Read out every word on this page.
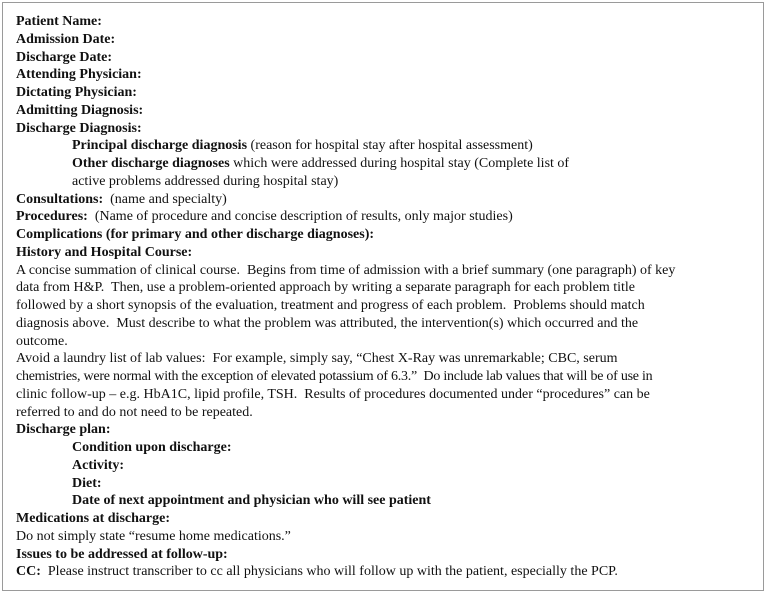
Patient Name:
Admission Date:
Discharge Date:
Attending Physician:
Dictating Physician:
Admitting Diagnosis:
Discharge Diagnosis:
Principal discharge diagnosis (reason for hospital stay after hospital assessment)
Other discharge diagnoses which were addressed during hospital stay (Complete list of
active problems addressed during hospital stay)
Consultations:  (name and specialty)
Procedures:  (Name of procedure and concise description of results, only major studies)
Complications (for primary and other discharge diagnoses):
History and Hospital Course:
A concise summation of clinical course.  Begins from time of admission with a brief summary (one paragraph) of key
data from H&P.  Then, use a problem-oriented approach by writing a separate paragraph for each problem title
followed by a short synopsis of the evaluation, treatment and progress of each problem.  Problems should match
diagnosis above.  Must describe to what the problem was attributed, the intervention(s) which occurred and the
outcome.
Avoid a laundry list of lab values:  For example, simply say, “Chest X-Ray was unremarkable; CBC, serum
chemistries, were normal with the exception of elevated potassium of 6.3.”  Do include lab values that will be of use in
clinic follow-up – e.g. HbA1C, lipid profile, TSH.  Results of procedures documented under “procedures” can be
referred to and do not need to be repeated.
Discharge plan:
Condition upon discharge:
Activity:
Diet:
Date of next appointment and physician who will see patient
Medications at discharge:
Do not simply state “resume home medications.”
Issues to be addressed at follow-up:
CC:  Please instruct transcriber to cc all physicians who will follow up with the patient, especially the PCP.
